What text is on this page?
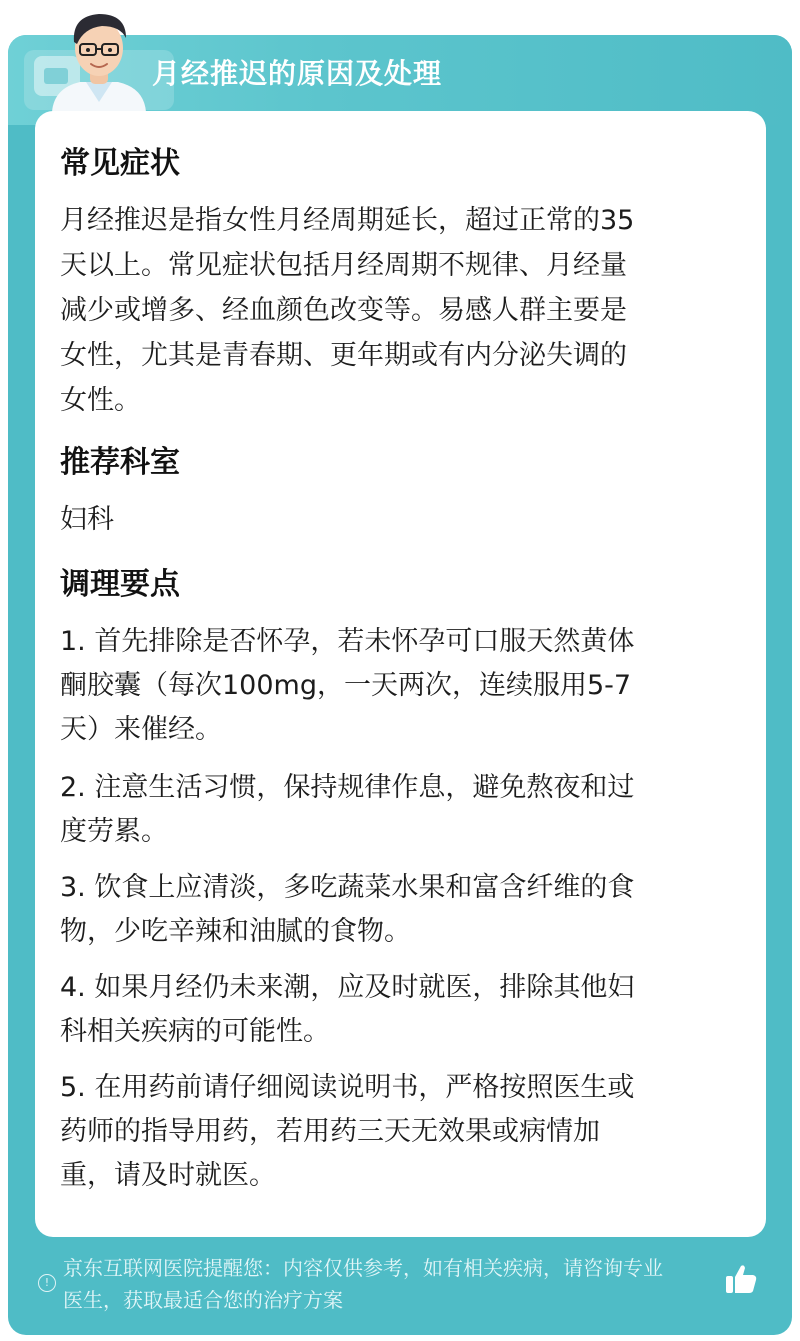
月经推迟的原因及处理
常见症状
月经推迟是指女性月经周期延长，超过正常的35
天以上。常见症状包括月经周期不规律、月经量
减少或增多、经血颜色改变等。易感人群主要是
女性，尤其是青春期、更年期或有内分泌失调的
女性。
推荐科室
妇科
调理要点
1. 首先排除是否怀孕，若未怀孕可口服天然黄体
酮胶囊（每次100mg，一天两次，连续服用5-7
天）来催经。
2. 注意生活习惯，保持规律作息，避免熬夜和过
度劳累。
3. 饮食上应清淡，多吃蔬菜水果和富含纤维的食
物，少吃辛辣和油腻的食物。
4. 如果月经仍未来潮，应及时就医，排除其他妇
科相关疾病的可能性。
5. 在用药前请仔细阅读说明书，严格按照医生或
药师的指导用药，若用药三天无效果或病情加
重，请及时就医。
!
京东互联网医院提醒您：内容仅供参考，如有相关疾病，请咨询专业
医生，获取最适合您的治疗方案
